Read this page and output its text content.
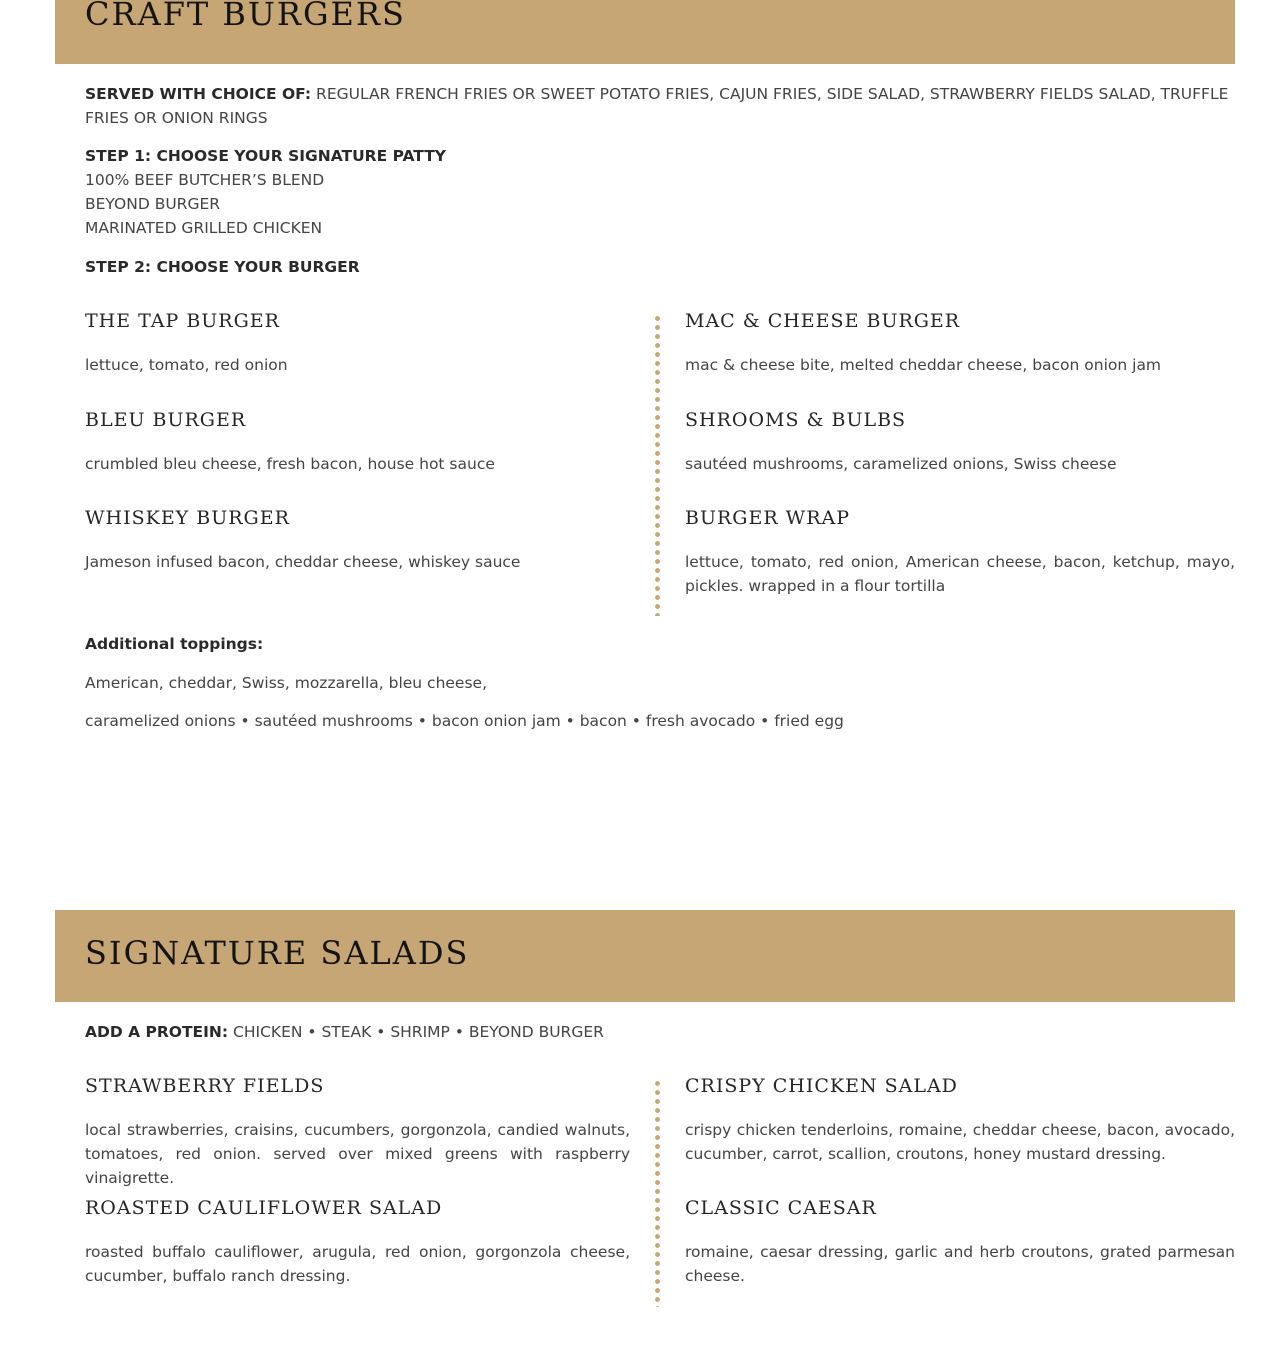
CRAFT BURGERS
SERVED WITH CHOICE OF: REGULAR FRENCH FRIES OR SWEET POTATO FRIES, CAJUN FRIES, SIDE SALAD, STRAWBERRY FIELDS SALAD, TRUFFLE FRIES OR ONION RINGS
STEP 1: CHOOSE YOUR SIGNATURE PATTY
100% BEEF BUTCHER’S BLEND
BEYOND BURGER
MARINATED GRILLED CHICKEN
STEP 2: CHOOSE YOUR BURGER
THE TAP BURGER

lettuce, tomato, red onion

BLEU BURGER

crumbled bleu cheese, fresh bacon, house hot sauce

WHISKEY BURGER

Jameson infused bacon, cheddar cheese, whiskey sauce

MAC & CHEESE BURGER

mac & cheese bite, melted cheddar cheese, bacon onion jam

SHROOMS & BULBS

sautéed mushrooms, caramelized onions, Swiss cheese

BURGER WRAP

lettuce, tomato, red onion, American cheese, bacon, ketchup, mayo, pickles. wrapped in a flour tortilla

Additional toppings:
American, cheddar, Swiss, mozzarella, bleu cheese,
caramelized onions • sautéed mushrooms • bacon onion jam • bacon • fresh avocado • fried egg
SIGNATURE SALADS
ADD A PROTEIN: CHICKEN • STEAK • SHRIMP • BEYOND BURGER
STRAWBERRY FIELDS

local strawberries, craisins, cucumbers, gorgonzola, candied walnuts, tomatoes, red onion. served over mixed greens with raspberry vinaigrette.

ROASTED CAULIFLOWER SALAD

roasted buffalo cauliflower, arugula, red onion, gorgonzola cheese, cucumber, buffalo ranch dressing.

CRISPY CHICKEN SALAD

crispy chicken tenderloins, romaine, cheddar cheese, bacon, avocado, cucumber, carrot, scallion, croutons, honey mustard dressing.

CLASSIC CAESAR

romaine, caesar dressing, garlic and herb croutons, grated parmesan cheese.
